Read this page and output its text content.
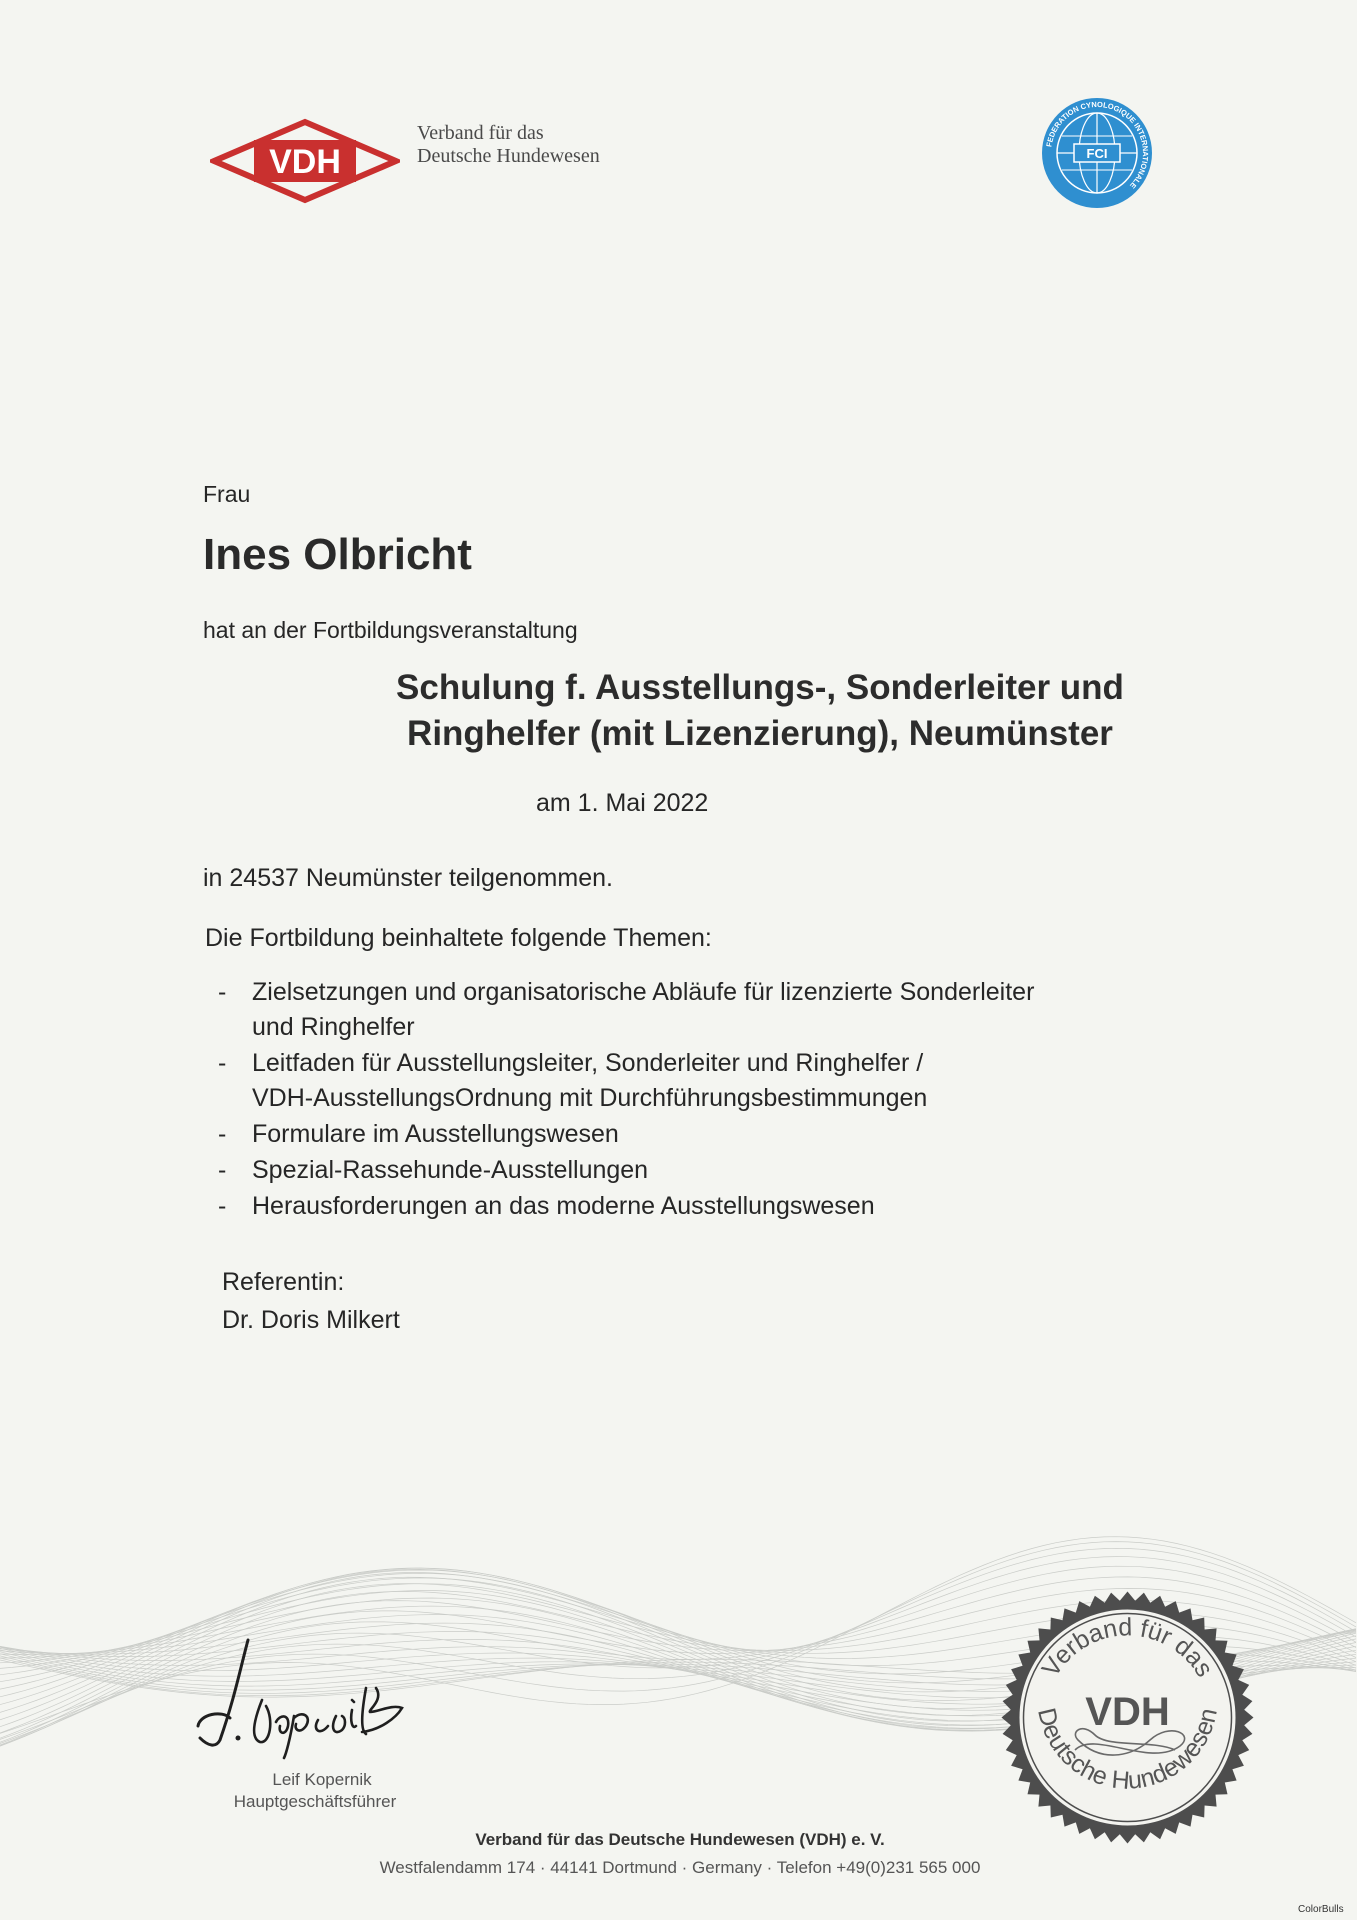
VDH
Verband für das
Deutsche Hundewesen	FCI
FEDERATION CYNOLOGIQUE INTERNATIONALE
Frau
Ines Olbricht
hat an der Fortbildungsveranstaltung
Schulung f. Ausstellungs-, Sonderleiter und
Ringhelfer (mit Lizenzierung), Neumünster
am 1. Mai 2022
in 24537 Neumünster teilgenommen.
Die Fortbildung beinhaltete folgende Themen:
- Zielsetzungen und organisatorische Abläufe für lizenzierte Sonderleiter
und Ringhelfer
- Leitfaden für Ausstellungsleiter, Sonderleiter und Ringhelfer /
VDH-AusstellungsOrdnung mit Durchführungsbestimmungen
- Formulare im Ausstellungswesen
- Spezial-Rassehunde-Ausstellungen
- Herausforderungen an das moderne Ausstellungswesen
Referentin:
Dr. Doris Milkert
Leif Kopernik
Hauptgeschäftsführer
Verband für das
VDH
Deutsche Hundewesen
Verband für das Deutsche Hundewesen (VDH) e. V.
Westfalendamm 174 · 44141 Dortmund · Germany · Telefon +49(0)231 565 000
ColorBulls
